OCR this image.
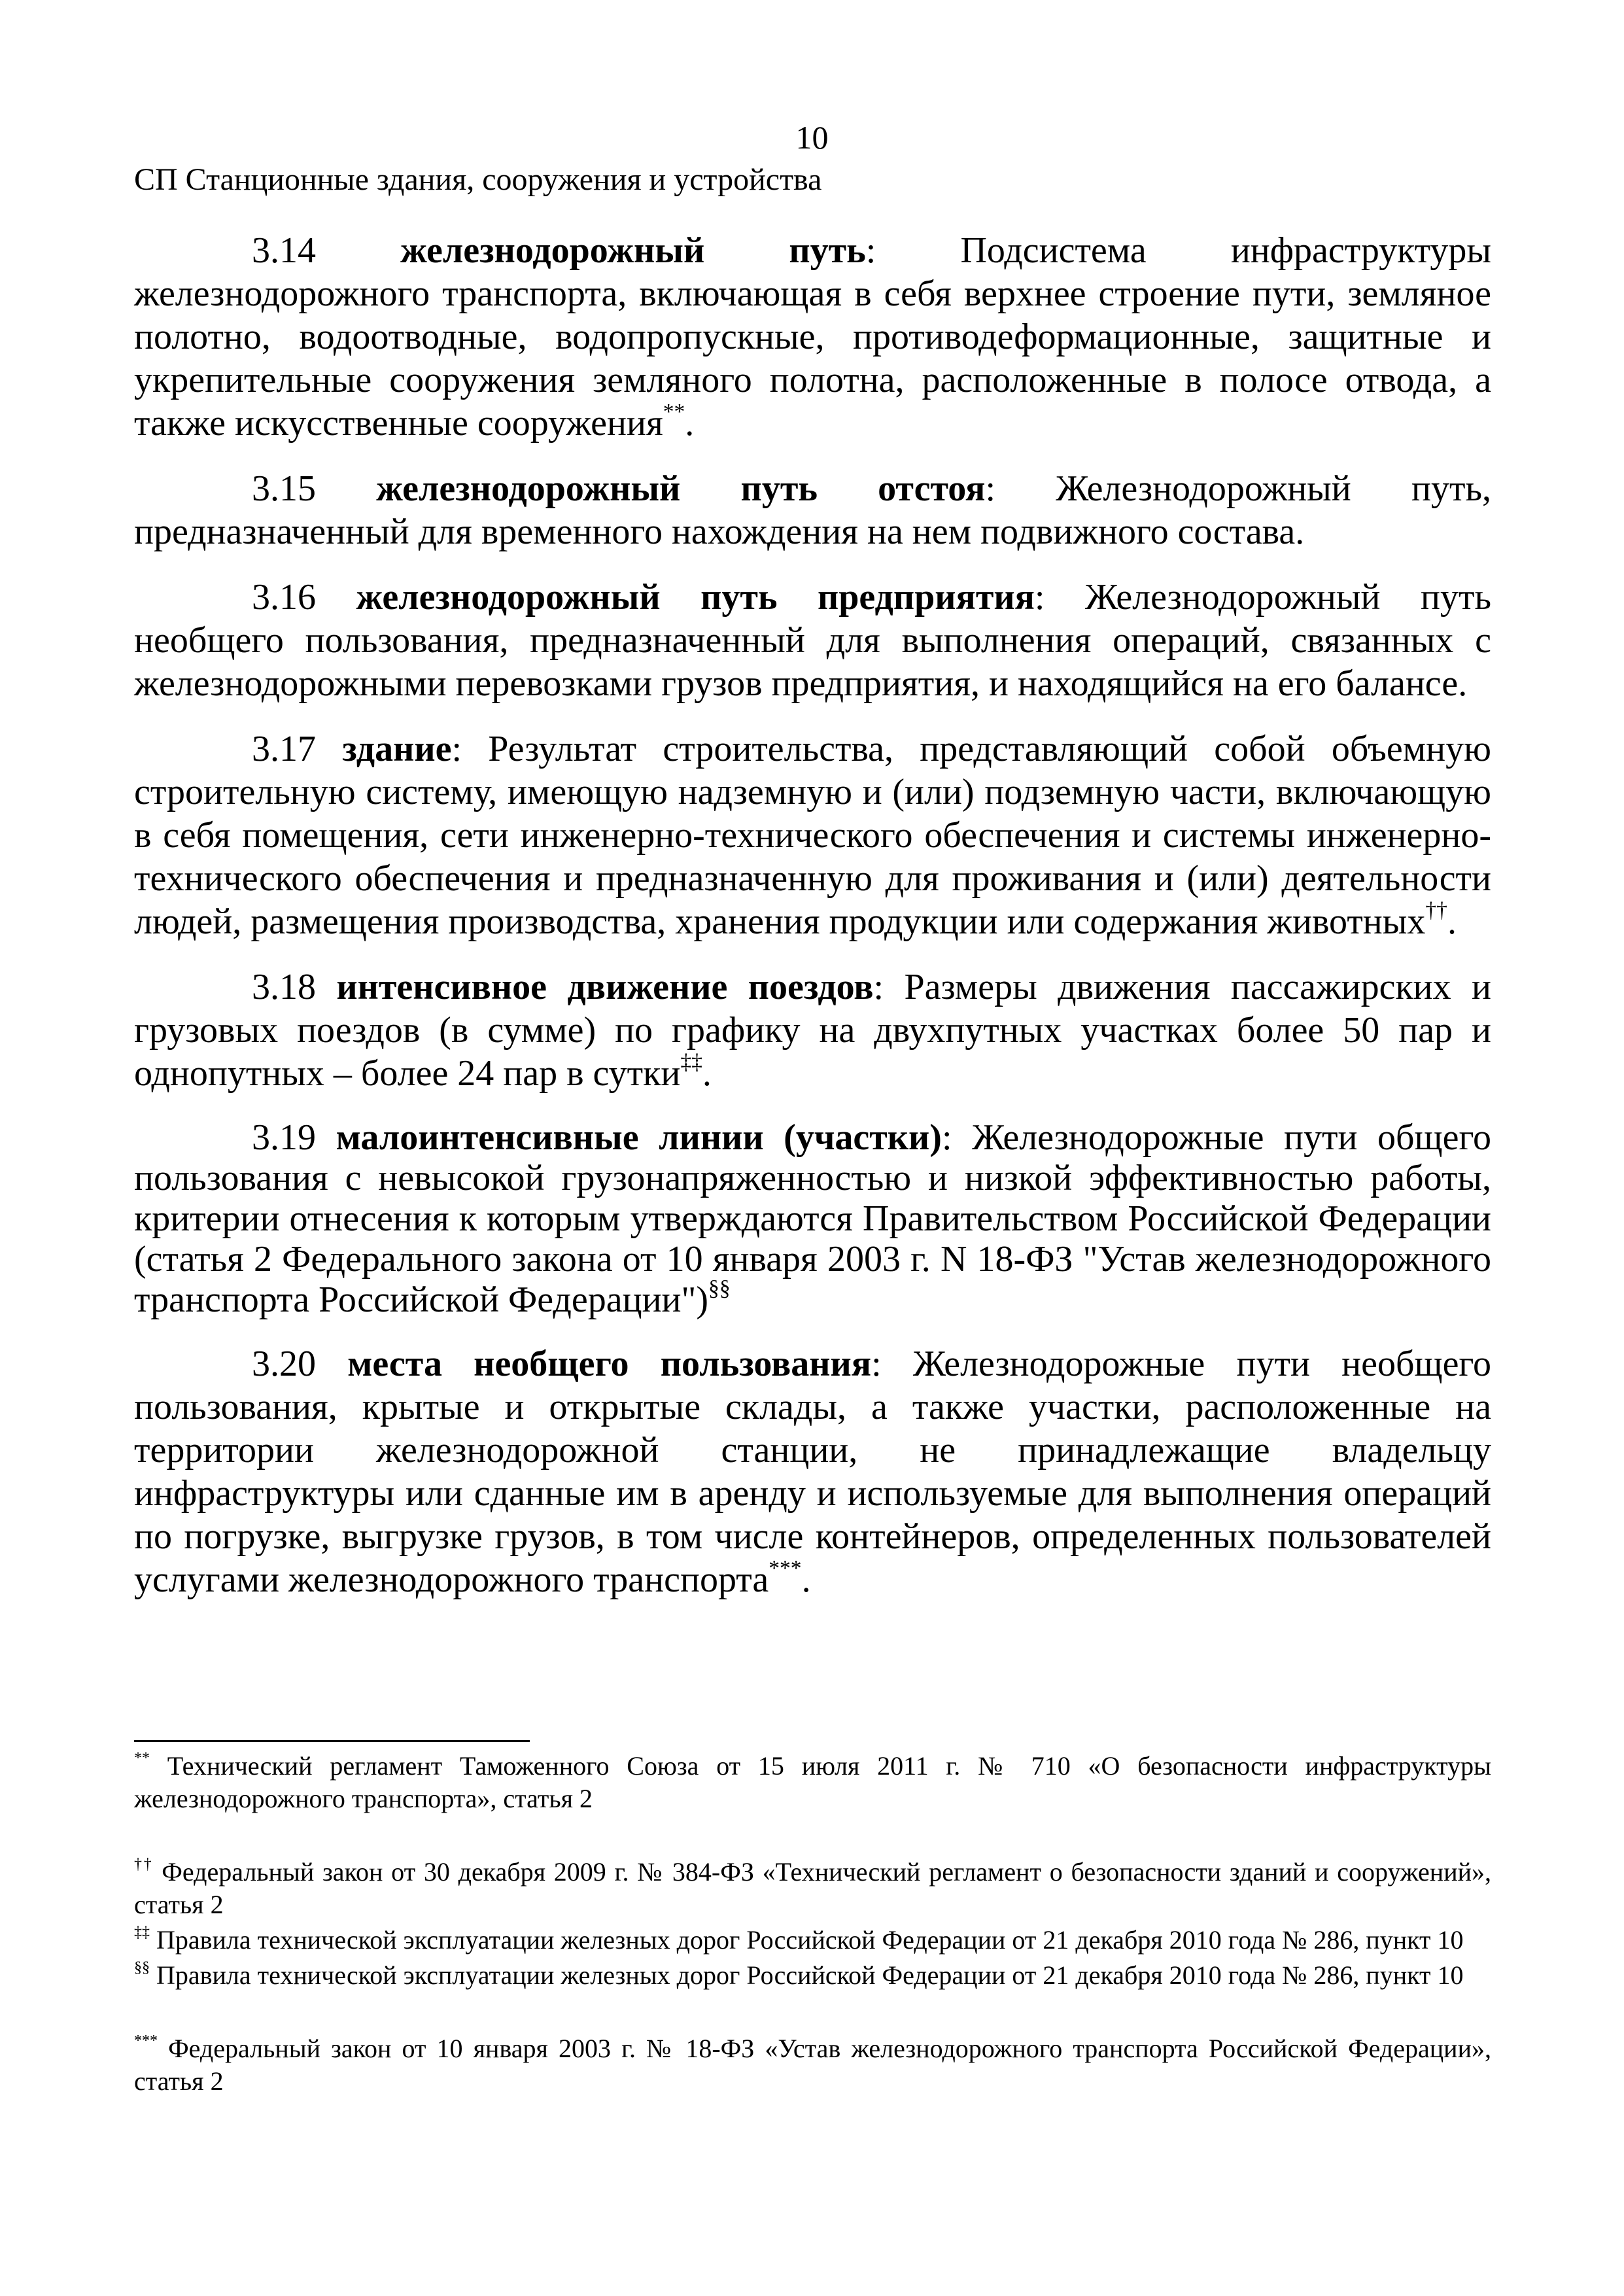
10
СП Станционные здания, сооружения и устройства

3.14 железнодорожный путь: Подсистема инфраструктуры железнодорожного транспорта, включающая в себя верхнее строение пути, земляное полотно, водоотводные, водопропускные, противодеформационные, защитные и укрепительные сооружения земляного полотна, расположенные в полосе отвода, а также искусственные сооружения**.

3.15 железнодорожный путь отстоя: Железнодорожный путь, предназначенный для временного нахождения на нем подвижного состава.

3.16 железнодорожный путь предприятия: Железнодорожный путь необщего пользования, предназначенный для выполнения операций, связанных с железнодорожными перевозками грузов предприятия, и находящийся на его балансе.

3.17 здание: Результат строительства, представляющий собой объемную строительную систему, имеющую надземную и (или) подземную части, включающую в себя помещения, сети инженерно-технического обеспечения и системы инженерно-технического обеспечения и предназначенную для проживания и (или) деятельности людей, размещения производства, хранения продукции или содержания животных††.

3.18 интенсивное движение поездов: Размеры движения пассажирских и грузовых поездов (в сумме) по графику на двухпутных участках более 50 пар и однопутных – более 24 пар в сутки‡‡.

3.19 малоинтенсивные линии (участки): Железнодорожные пути общего пользования с невысокой грузонапряженностью и низкой эффективностью работы, критерии отнесения к которым утверждаются Правительством Российской Федерации (статья 2 Федерального закона от 10 января 2003 г. N 18-ФЗ "Устав железнодорожного транспорта Российской Федерации")§§

3.20 места необщего пользования: Железнодорожные пути необщего пользования, крытые и открытые склады, а также участки, расположенные на территории железнодорожной станции, не принадлежащие владельцу инфраструктуры или сданные им в аренду и используемые для выполнения операций по погрузке, выгрузке грузов, в том числе контейнеров, определенных пользователей услугами железнодорожного транспорта***.

** Технический регламент Таможенного Союза от 15 июля 2011 г. № 710 «О безопасности инфраструктуры железнодорожного транспорта», статья 2

†† Федеральный закон от 30 декабря 2009 г. № 384-ФЗ «Технический регламент о безопасности зданий и сооружений», статья 2

‡‡ Правила технической эксплуатации железных дорог Российской Федерации от 21 декабря 2010 года № 286, пункт 10

§§ Правила технической эксплуатации железных дорог Российской Федерации от 21 декабря 2010 года № 286, пункт 10

*** Федеральный закон от 10 января 2003 г. № 18-ФЗ «Устав железнодорожного транспорта Российской Федерации», статья 2
